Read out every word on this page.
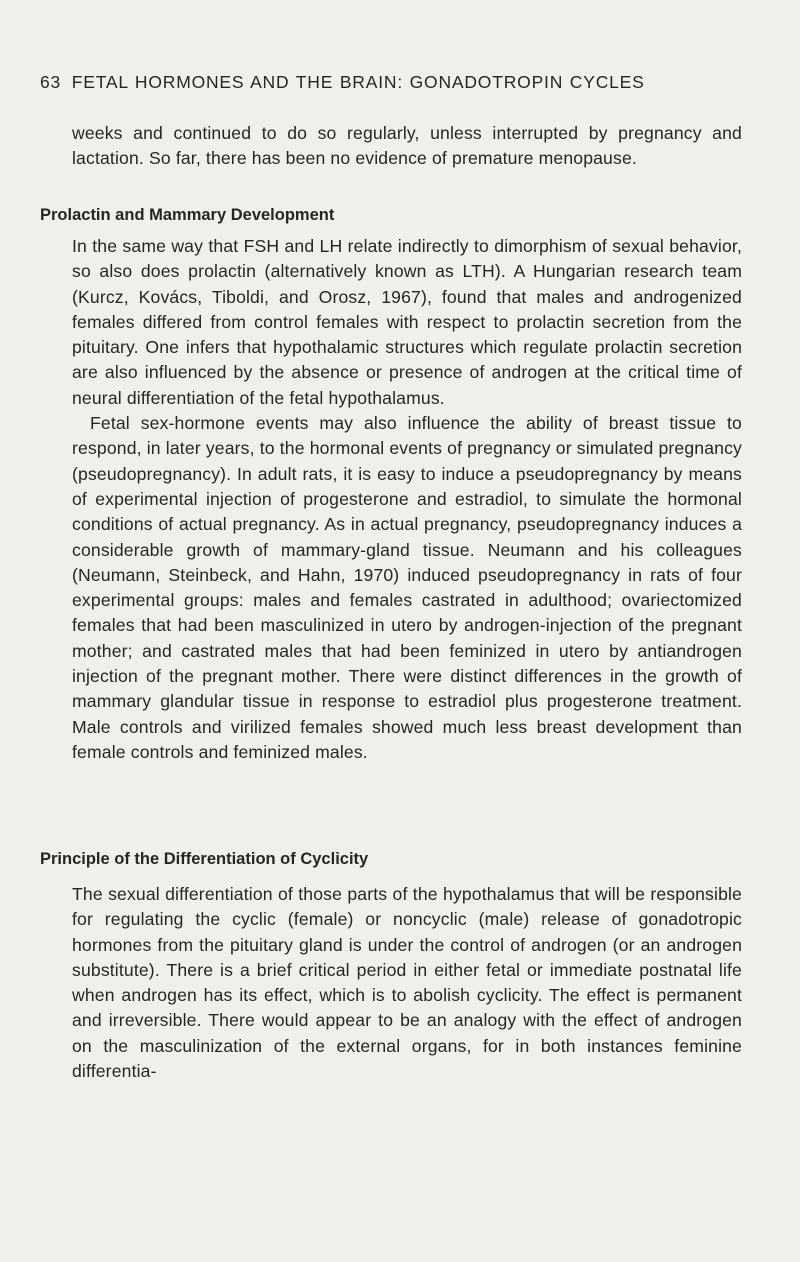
63 FETAL HORMONES AND THE BRAIN: GONADOTROPIN CYCLES

weeks and continued to do so regularly, unless interrupted by pregnancy and lactation. So far, there has been no evidence of premature menopause.

Prolactin and Mammary Development

In the same way that FSH and LH relate indirectly to dimorphism of sexual behavior, so also does prolactin (alternatively known as LTH). A Hungarian research team (Kurcz, Kovács, Tiboldi, and Orosz, 1967), found that males and androgenized females differed from control females with respect to prolactin secretion from the pituitary. One infers that hypothalamic structures which regulate prolactin secretion are also influenced by the absence or presence of androgen at the critical time of neural differentiation of the fetal hypothalamus.

Fetal sex-hormone events may also influence the ability of breast tissue to respond, in later years, to the hormonal events of pregnancy or simulated pregnancy (pseudopregnancy). In adult rats, it is easy to induce a pseudopregnancy by means of experimental injection of progesterone and estradiol, to simulate the hormonal conditions of actual pregnancy. As in actual pregnancy, pseudopregnancy induces a considerable growth of mammary-gland tissue. Neumann and his colleagues (Neumann, Steinbeck, and Hahn, 1970) induced pseudopregnancy in rats of four experimental groups: males and females castrated in adulthood; ovariectomized females that had been masculinized in utero by androgen-injection of the pregnant mother; and castrated males that had been feminized in utero by antiandrogen injection of the pregnant mother. There were distinct differences in the growth of mammary glandular tissue in response to estradiol plus progesterone treatment. Male controls and virilized females showed much less breast development than female controls and feminized males.

Principle of the Differentiation of Cyclicity

The sexual differentiation of those parts of the hypothalamus that will be responsible for regulating the cyclic (female) or noncyclic (male) release of gonadotropic hormones from the pituitary gland is under the control of androgen (or an androgen substitute). There is a brief critical period in either fetal or immediate postnatal life when androgen has its effect, which is to abolish cyclicity. The effect is permanent and irreversible. There would appear to be an analogy with the effect of androgen on the masculinization of the external organs, for in both instances feminine differentia-
